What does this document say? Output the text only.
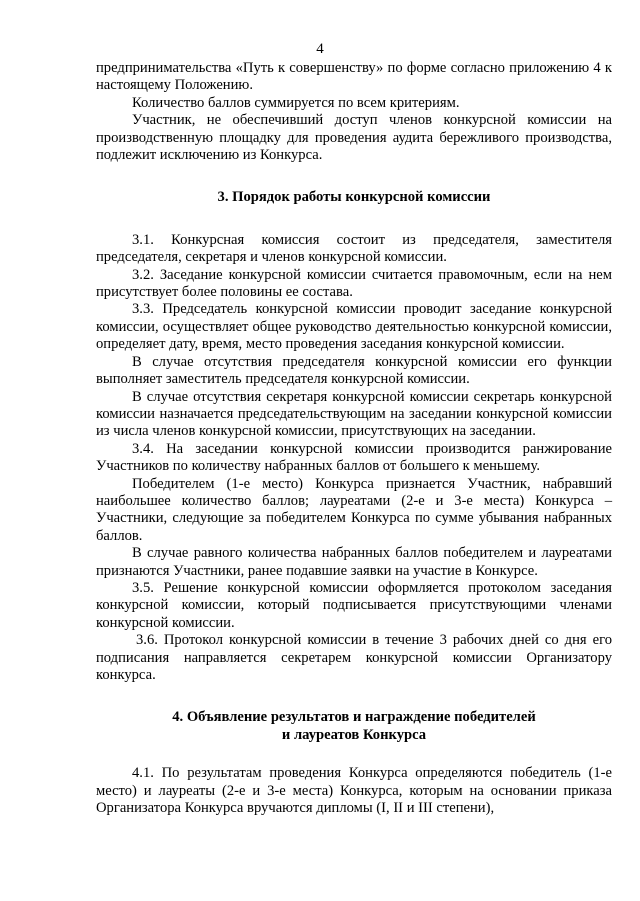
4

предпринимательства «Путь к совершенству» по форме согласно приложению 4 к настоящему Положению.

Количество баллов суммируется по всем критериям.

Участник, не обеспечивший доступ членов конкурсной комиссии на производственную площадку для проведения аудита бережливого производства, подлежит исключению из Конкурса.

3. Порядок работы конкурсной комиссии

3.1. Конкурсная комиссия состоит из председателя, заместителя председателя, секретаря и членов конкурсной комиссии.

3.2. Заседание конкурсной комиссии считается правомочным, если на нем присутствует более половины ее состава.

3.3. Председатель конкурсной комиссии проводит заседание конкурсной комиссии, осуществляет общее руководство деятельностью конкурсной комиссии, определяет дату, время, место проведения заседания конкурсной комиссии.

В случае отсутствия председателя конкурсной комиссии его функции выполняет заместитель председателя конкурсной комиссии.

В случае отсутствия секретаря конкурсной комиссии секретарь конкурсной комиссии назначается председательствующим на заседании конкурсной комиссии из числа членов конкурсной комиссии, присутствующих на заседании.

3.4. На заседании конкурсной комиссии производится ранжирование Участников по количеству набранных баллов от большего к меньшему.

Победителем (1-е место) Конкурса признается Участник, набравший наибольшее количество баллов; лауреатами (2-е и 3-е места) Конкурса – Участники, следующие за победителем Конкурса по сумме убывания набранных баллов.

В случае равного количества набранных баллов победителем и лауреатами признаются Участники, ранее подавшие заявки на участие в Конкурсе.

3.5. Решение конкурсной комиссии оформляется протоколом заседания конкурсной комиссии, который подписывается присутствующими членами конкурсной комиссии.

3.6. Протокол конкурсной комиссии в течение 3 рабочих дней со дня его подписания направляется секретарем конкурсной комиссии Организатору конкурса.

4. Объявление результатов и награждение победителей

и лауреатов Конкурса

4.1. По результатам проведения Конкурса определяются победитель (1-е место) и лауреаты (2-е и 3-е места) Конкурса, которым на основании приказа Организатора Конкурса вручаются дипломы (I, II и III степени),
